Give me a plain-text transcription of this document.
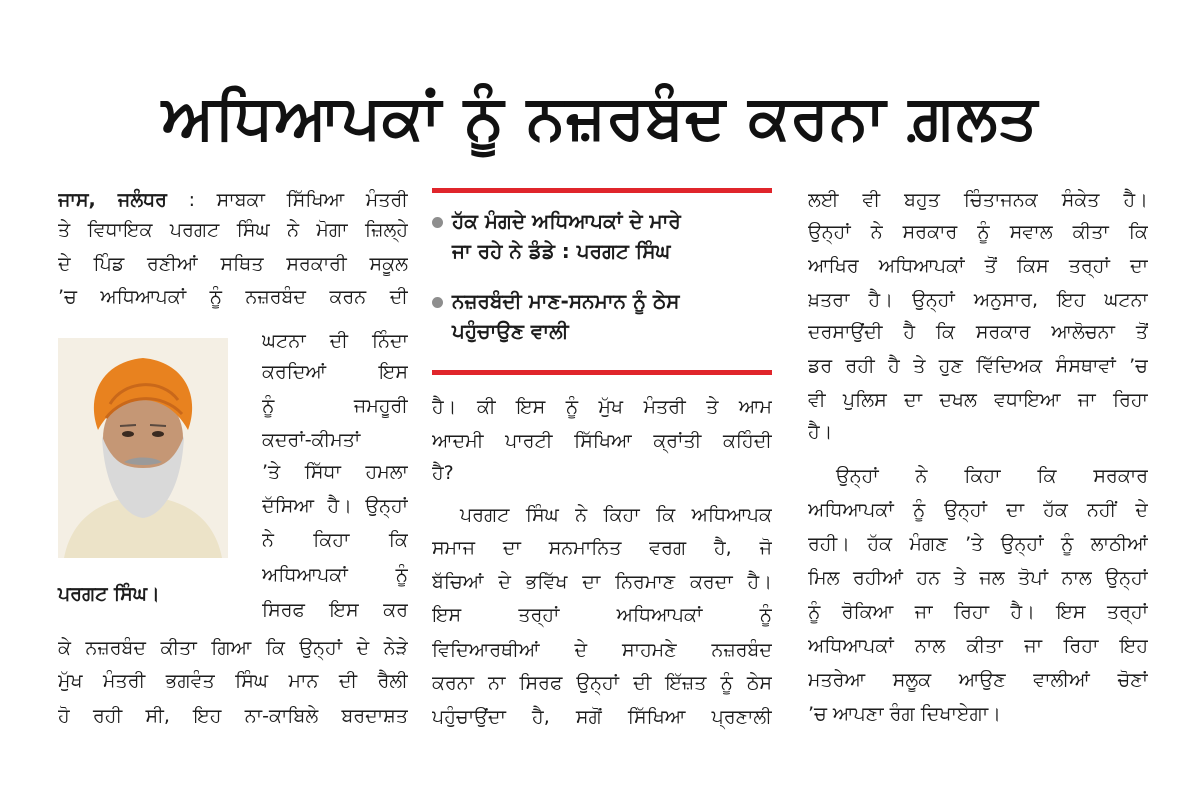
ਅਧਿਆਪਕਾਂ ਨੂੰ ਨਜ਼ਰਬੰਦ ਕਰਨਾ ਗ਼ਲਤ
ਜਾਸ, ਜਲੰਧਰ : ਸਾਬਕਾ ਸਿੱਖਿਆ ਮੰਤਰੀ
ਤੇ ਵਿਧਾਇਕ ਪਰਗਟ ਸਿੰਘ ਨੇ ਮੋਗਾ ਜ਼ਿਲ੍ਹੇ
ਦੇ ਪਿੰਡ ਰਣੀਆਂ ਸਥਿਤ ਸਰਕਾਰੀ ਸਕੂਲ
’ਚ ਅਧਿਆਪਕਾਂ ਨੂੰ ਨਜ਼ਰਬੰਦ ਕਰਨ ਦੀ
ਘਟਨਾ ਦੀ ਨਿੰਦਾ
ਕਰਦਿਆਂ ਇਸ
ਨੂੰ ਜਮਹੂਰੀ
ਕਦਰਾਂ-ਕੀਮਤਾਂ
’ਤੇ ਸਿੱਧਾ ਹਮਲਾ
ਦੱਸਿਆ ਹੈ। ਉਨ੍ਹਾਂ
ਨੇ ਕਿਹਾ ਕਿ
ਅਧਿਆਪਕਾਂ ਨੂੰ
ਸਿਰਫ ਇਸ ਕਰ
ਕੇ ਨਜ਼ਰਬੰਦ ਕੀਤਾ ਗਿਆ ਕਿ ਉਨ੍ਹਾਂ ਦੇ ਨੇੜੇ
ਮੁੱਖ ਮੰਤਰੀ ਭਗਵੰਤ ਸਿੰਘ ਮਾਨ ਦੀ ਰੈਲੀ
ਹੋ ਰਹੀ ਸੀ, ਇਹ ਨਾ-ਕਾਬਿਲੇ ਬਰਦਾਸ਼ਤ
ਪਰਗਟ ਸਿੰਘ।
ਹੱਕ ਮੰਗਦੇ ਅਧਿਆਪਕਾਂ ਦੇ ਮਾਰੇ
ਜਾ ਰਹੇ ਨੇ ਡੰਡੇ : ਪਰਗਟ ਸਿੰਘ
ਨਜ਼ਰਬੰਦੀ ਮਾਣ-ਸਨਮਾਨ ਨੂੰ ਠੇਸ
ਪਹੁੰਚਾਉਣ ਵਾਲੀ
ਹੈ। ਕੀ ਇਸ ਨੂੰ ਮੁੱਖ ਮੰਤਰੀ ਤੇ ਆਮ
ਆਦਮੀ ਪਾਰਟੀ ਸਿੱਖਿਆ ਕ੍ਰਾਂਤੀ ਕਹਿੰਦੀ
ਹੈ?
ਪਰਗਟ ਸਿੰਘ ਨੇ ਕਿਹਾ ਕਿ ਅਧਿਆਪਕ
ਸਮਾਜ ਦਾ ਸਨਮਾਨਿਤ ਵਰਗ ਹੈ, ਜੋ
ਬੱਚਿਆਂ ਦੇ ਭਵਿੱਖ ਦਾ ਨਿਰਮਾਣ ਕਰਦਾ ਹੈ।
ਇਸ ਤਰ੍ਹਾਂ ਅਧਿਆਪਕਾਂ ਨੂੰ
ਵਿਦਿਆਰਥੀਆਂ ਦੇ ਸਾਹਮਣੇ ਨਜ਼ਰਬੰਦ
ਕਰਨਾ ਨਾ ਸਿਰਫ ਉਨ੍ਹਾਂ ਦੀ ਇੱਜ਼ਤ ਨੂੰ ਠੇਸ
ਪਹੁੰਚਾਉਂਦਾ ਹੈ, ਸਗੋਂ ਸਿੱਖਿਆ ਪ੍ਰਣਾਲੀ
ਲਈ ਵੀ ਬਹੁਤ ਚਿੰਤਾਜਨਕ ਸੰਕੇਤ ਹੈ।
ਉਨ੍ਹਾਂ ਨੇ ਸਰਕਾਰ ਨੂੰ ਸਵਾਲ ਕੀਤਾ ਕਿ
ਆਖਿਰ ਅਧਿਆਪਕਾਂ ਤੋਂ ਕਿਸ ਤਰ੍ਹਾਂ ਦਾ
ਖ਼ਤਰਾ ਹੈ। ਉਨ੍ਹਾਂ ਅਨੁਸਾਰ, ਇਹ ਘਟਨਾ
ਦਰਸਾਉਂਦੀ ਹੈ ਕਿ ਸਰਕਾਰ ਆਲੋਚਨਾ ਤੋਂ
ਡਰ ਰਹੀ ਹੈ ਤੇ ਹੁਣ ਵਿੱਦਿਅਕ ਸੰਸਥਾਵਾਂ ’ਚ
ਵੀ ਪੁਲਿਸ ਦਾ ਦਖਲ ਵਧਾਇਆ ਜਾ ਰਿਹਾ
ਹੈ।
ਉਨ੍ਹਾਂ ਨੇ ਕਿਹਾ ਕਿ ਸਰਕਾਰ
ਅਧਿਆਪਕਾਂ ਨੂੰ ਉਨ੍ਹਾਂ ਦਾ ਹੱਕ ਨਹੀਂ ਦੇ
ਰਹੀ। ਹੱਕ ਮੰਗਣ ’ਤੇ ਉਨ੍ਹਾਂ ਨੂੰ ਲਾਠੀਆਂ
ਮਿਲ ਰਹੀਆਂ ਹਨ ਤੇ ਜਲ ਤੋਪਾਂ ਨਾਲ ਉਨ੍ਹਾਂ
ਨੂੰ ਰੋਕਿਆ ਜਾ ਰਿਹਾ ਹੈ। ਇਸ ਤਰ੍ਹਾਂ
ਅਧਿਆਪਕਾਂ ਨਾਲ ਕੀਤਾ ਜਾ ਰਿਹਾ ਇਹ
ਮਤਰੇਆ ਸਲੂਕ ਆਉਣ ਵਾਲੀਆਂ ਚੋਣਾਂ
’ਚ ਆਪਣਾ ਰੰਗ ਦਿਖਾਏਗਾ।
